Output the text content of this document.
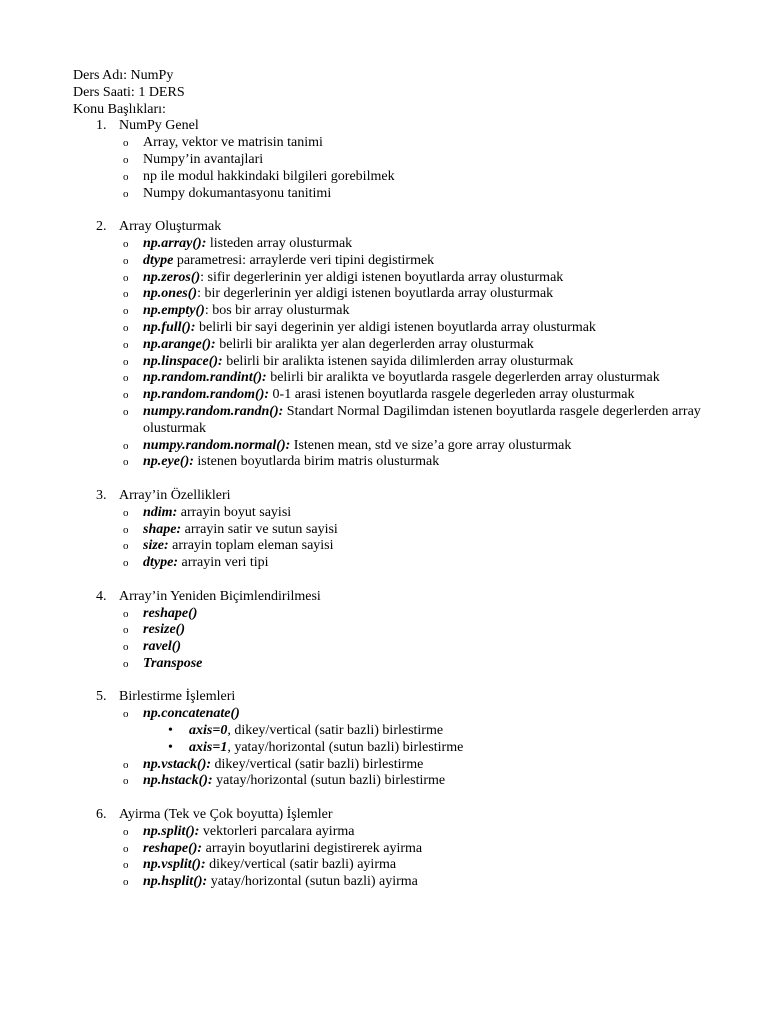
Ders Adı: NumPy
Ders Saati: 1 DERS
Konu Başlıkları:
1. NumPy Genel
o Array, vektor ve matrisin tanimi
o Numpy’in avantajlari
o np ile modul hakkindaki bilgileri gorebilmek
o Numpy dokumantasyonu tanitimi
2. Array Oluşturmak
o np.array(): listeden array olusturmak
o dtype parametresi: arraylerde veri tipini degistirmek
o np.zeros(): sifir degerlerinin yer aldigi istenen boyutlarda array olusturmak
o np.ones(): bir degerlerinin yer aldigi istenen boyutlarda array olusturmak
o np.empty(): bos bir array olusturmak
o np.full(): belirli bir sayi degerinin yer aldigi istenen boyutlarda array olusturmak
o np.arange(): belirli bir aralikta yer alan degerlerden array olusturmak
o np.linspace(): belirli bir aralikta istenen sayida dilimlerden array olusturmak
o np.random.randint(): belirli bir aralikta ve boyutlarda rasgele degerlerden array olusturmak
o np.random.random(): 0-1 arasi istenen boyutlarda rasgele degerleden array olusturmak
o numpy.random.randn(): Standart Normal Dagilimdan istenen boyutlarda rasgele degerlerden array olusturmak
o numpy.random.normal(): Istenen mean, std ve size’a gore array olusturmak
o np.eye(): istenen boyutlarda birim matris olusturmak
3. Array’in Özellikleri
o ndim: arrayin boyut sayisi
o shape: arrayin satir ve sutun sayisi
o size: arrayin toplam eleman sayisi
o dtype: arrayin veri tipi
4. Array’in Yeniden Biçimlendirilmesi
o reshape()
o resize()
o ravel()
o Transpose
5. Birlestirme İşlemleri
o np.concatenate()
• axis=0, dikey/vertical (satir bazli) birlestirme
• axis=1, yatay/horizontal (sutun bazli) birlestirme
o np.vstack(): dikey/vertical (satir bazli) birlestirme
o np.hstack(): yatay/horizontal (sutun bazli) birlestirme
6. Ayirma (Tek ve Çok boyutta) İşlemler
o np.split(): vektorleri parcalara ayirma
o reshape(): arrayin boyutlarini degistirerek ayirma
o np.vsplit(): dikey/vertical (satir bazli) ayirma
o np.hsplit(): yatay/horizontal (sutun bazli) ayirma
